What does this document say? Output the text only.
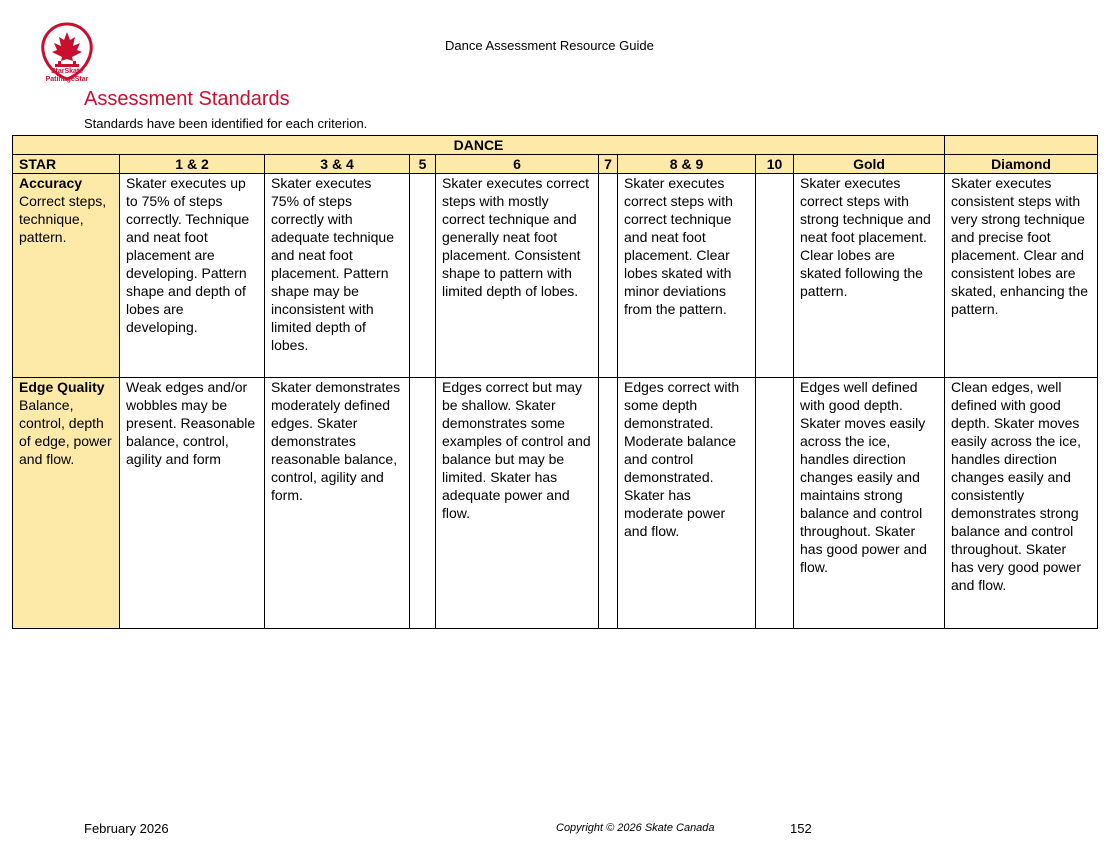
StarSkate
PatinageStar
Dance Assessment Resource Guide
Assessment Standards
Standards have been identified for each criterion.
DANCE									
STAR	1 & 2	3 & 4	5	6	7	8 & 9	10	Gold	Diamond

Accuracy
Correct steps, technique, pattern.	Skater executes up to 75% of steps correctly. Technique and neat foot placement are developing. Pattern shape and depth of lobes are developing.	Skater executes 75% of steps correctly with adequate technique and neat foot placement. Pattern shape may be inconsistent with limited depth of lobes.		Skater executes correct steps with mostly correct technique and generally neat foot placement. Consistent shape to pattern with limited depth of lobes.		Skater executes correct steps with correct technique and neat foot placement. Clear lobes skated with minor deviations from the pattern.		Skater executes correct steps with strong technique and neat foot placement. Clear lobes are skated following the pattern.	Skater executes consistent steps with very strong technique and precise foot placement. Clear and consistent lobes are skated, enhancing the pattern.

Edge Quality
Balance, control, depth of edge, power and flow.	Weak edges and/or wobbles may be present. Reasonable balance, control, agility and form	Skater demonstrates moderately defined edges. Skater demonstrates reasonable balance, control, agility and form.		Edges correct but may be shallow. Skater demonstrates some examples of control and balance but may be limited. Skater has adequate power and flow.		Edges correct with some depth demonstrated. Moderate balance and control demonstrated. Skater has moderate power and flow.		Edges well defined with good depth. Skater moves easily across the ice, handles direction changes easily and maintains strong balance and control throughout. Skater has good power and flow.	Clean edges, well defined with good depth. Skater moves easily across the ice, handles direction changes easily and consistently demonstrates strong balance and control throughout. Skater has very good power and flow.
February 2026	Copyright © 2026 Skate Canada	152
